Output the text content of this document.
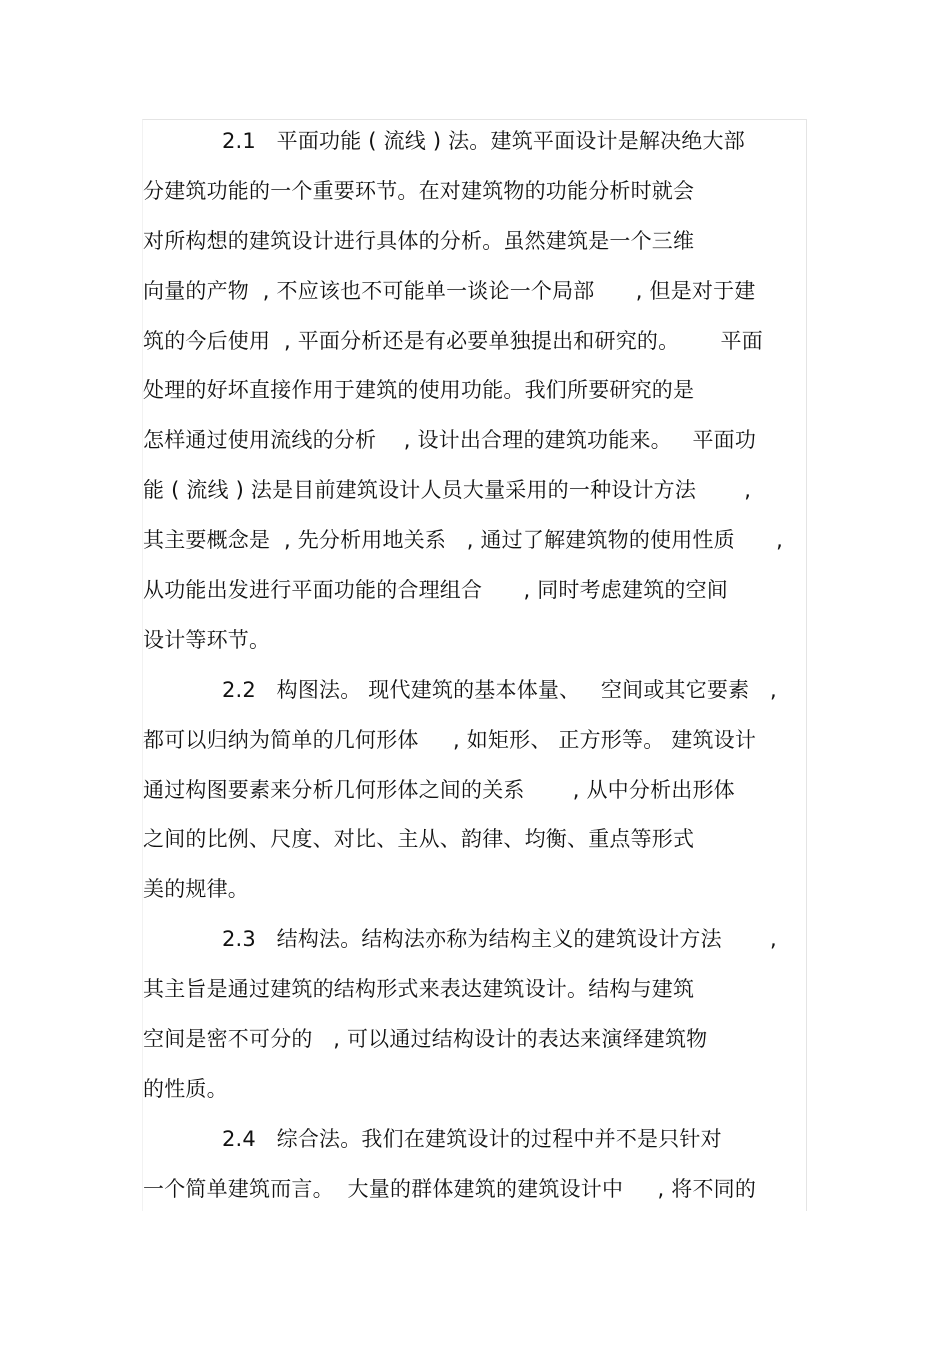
2.1   平面功能 ( 流线 ) 法。建筑平面设计是解决绝大部
分建筑功能的一个重要环节。在对建筑物的功能分析时就会
对所构想的建筑设计进行具体的分析。虽然建筑是一个三维
向量的产物  , 不应该也不可能单一谈论一个局部      , 但是对于建
筑的今后使用  , 平面分析还是有必要单独提出和研究的。      平面
处理的好坏直接作用于建筑的使用功能。我们所要研究的是
怎样通过使用流线的分析    , 设计出合理的建筑功能来。   平面功
能 ( 流线 ) 法是目前建筑设计人员大量采用的一种设计方法       ,
其主要概念是  , 先分析用地关系   , 通过了解建筑物的使用性质      ,
从功能出发进行平面功能的合理组合      , 同时考虑建筑的空间
设计等环节。
2.2   构图法。 现代建筑的基本体量、   空间或其它要素   ,
都可以归纳为简单的几何形体     , 如矩形、 正方形等。 建筑设计
通过构图要素来分析几何形体之间的关系       , 从中分析出形体
之间的比例、尺度、对比、主从、韵律、均衡、重点等形式
美的规律。
2.3   结构法。结构法亦称为结构主义的建筑设计方法       ,
其主旨是通过建筑的结构形式来表达建筑设计。结构与建筑
空间是密不可分的   , 可以通过结构设计的表达来演绎建筑物
的性质。
2.4   综合法。我们在建筑设计的过程中并不是只针对
一个简单建筑而言。  大量的群体建筑的建筑设计中     , 将不同的
